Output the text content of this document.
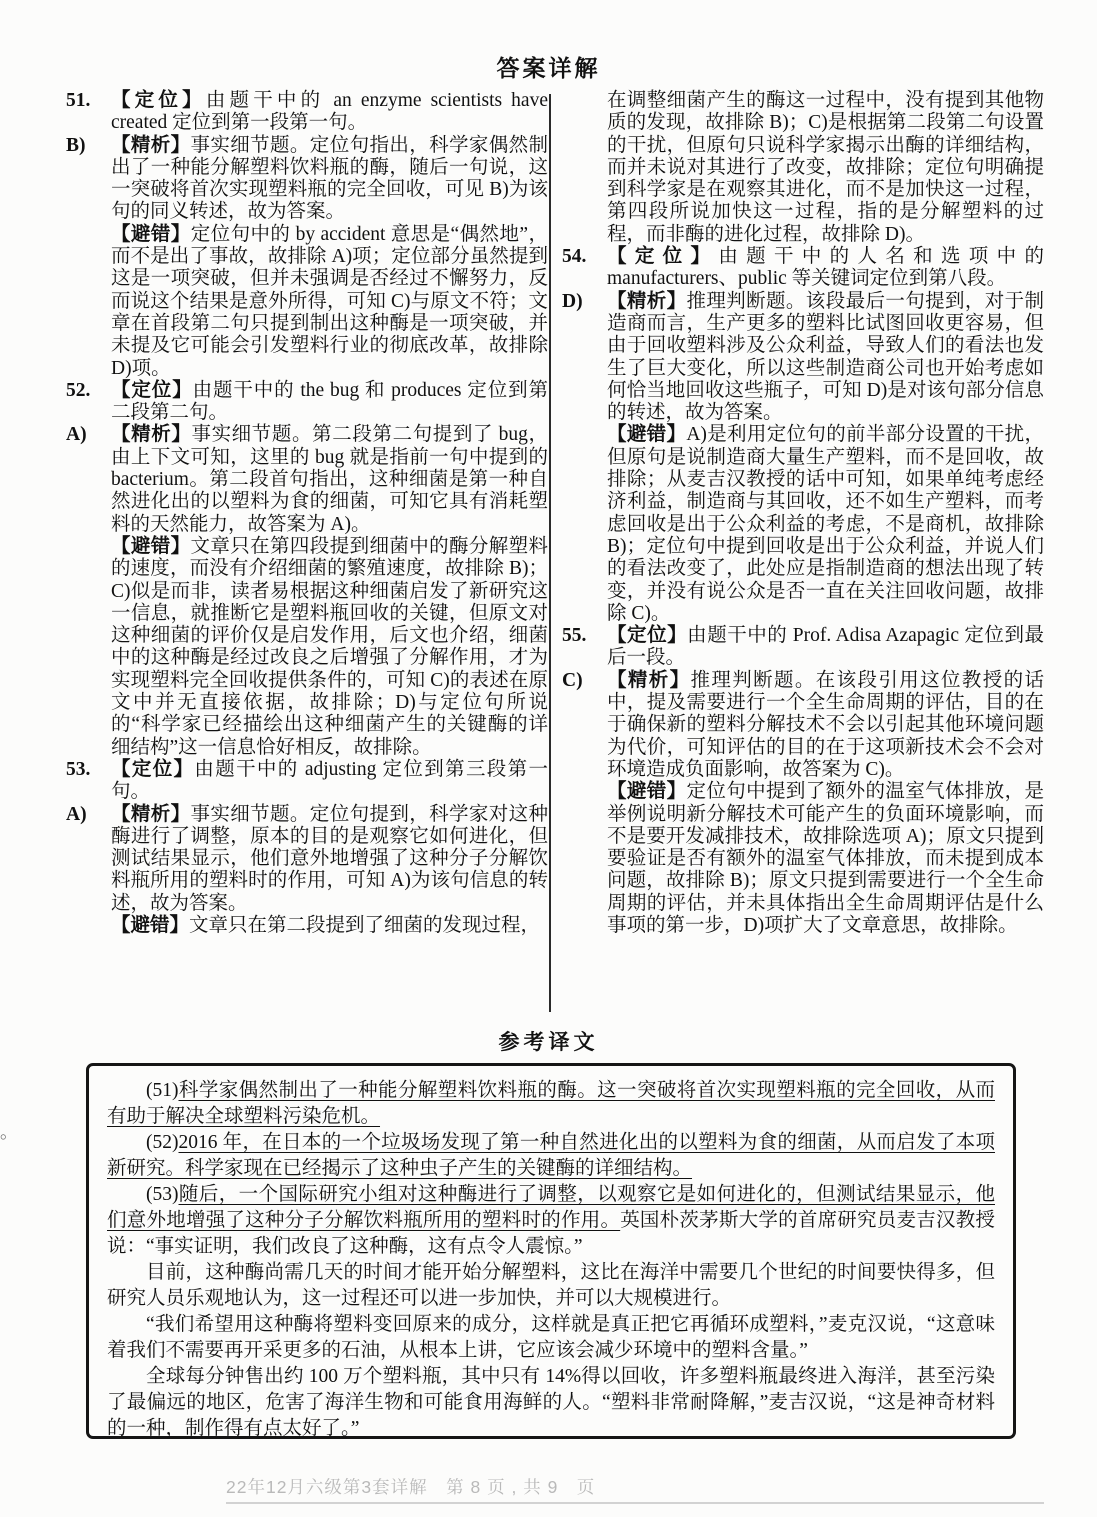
答案详解
51.	【定位】由题干中的 an enzyme scientists have created 定位到第一段第一句。
B)	【精析】事实细节题。定位句指出，科学家偶然制出了一种能分解塑料饮料瓶的酶，随后一句说，这一突破将首次实现塑料瓶的完全回收，可见 B)为该句的同义转述，故为答案。
【避错】定位句中的 by accident 意思是“偶然地”，而不是出了事故，故排除 A)项；定位部分虽然提到这是一项突破，但并未强调是否经过不懈努力，反而说这个结果是意外所得，可知 C)与原文不符；文章在首段第二句只提到制出这种酶是一项突破，并未提及它可能会引发塑料行业的彻底改革，故排除 D)项。
52.	【定位】由题干中的 the bug 和 produces 定位到第二段第二句。
A)	【精析】事实细节题。第二段第二句提到了 bug，由上下文可知，这里的 bug 就是指前一句中提到的 bacterium。第二段首句指出，这种细菌是第一种自然进化出的以塑料为食的细菌，可知它具有消耗塑料的天然能力，故答案为 A)。
【避错】文章只在第四段提到细菌中的酶分解塑料的速度，而没有介绍细菌的繁殖速度，故排除 B)；C)似是而非，读者易根据这种细菌启发了新研究这一信息，就推断它是塑料瓶回收的关键，但原文对这种细菌的评价仅是启发作用，后文也介绍，细菌中的这种酶是经过改良之后增强了分解作用，才为实现塑料完全回收提供条件的，可知 C)的表述在原文中并无直接依据，故排除；D)与定位句所说的“科学家已经描绘出这种细菌产生的关键酶的详细结构”这一信息恰好相反，故排除。
53.	【定位】由题干中的 adjusting 定位到第三段第一句。
A)	【精析】事实细节题。定位句提到，科学家对这种酶进行了调整，原本的目的是观察它如何进化，但测试结果显示，他们意外地增强了这种分子分解饮料瓶所用的塑料时的作用，可知 A)为该句信息的转述，故为答案。
【避错】文章只在第二段提到了细菌的发现过程，
在调整细菌产生的酶这一过程中，没有提到其他物质的发现，故排除 B)；C)是根据第二段第二句设置的干扰，但原句只说科学家揭示出酶的详细结构，而并未说对其进行了改变，故排除；定位句明确提到科学家是在观察其进化，而不是加快这一过程，第四段所说加快这一过程，指的是分解塑料的过程，而非酶的进化过程，故排除 D)。
54.	【定位】由题干中的人名和选项中的 manufacturers、public 等关键词定位到第八段。
D)	【精析】推理判断题。该段最后一句提到，对于制造商而言，生产更多的塑料比试图回收更容易，但由于回收塑料涉及公众利益，导致人们的看法也发生了巨大变化，所以这些制造商公司也开始考虑如何恰当地回收这些瓶子，可知 D)是对该句部分信息的转述，故为答案。
【避错】A)是利用定位句的前半部分设置的干扰，但原句是说制造商大量生产塑料，而不是回收，故排除；从麦吉汉教授的话中可知，如果单纯考虑经济利益，制造商与其回收，还不如生产塑料，而考虑回收是出于公众利益的考虑，不是商机，故排除 B)；定位句中提到回收是出于公众利益，并说人们的看法改变了，此处应是指制造商的想法出现了转变，并没有说公众是否一直在关注回收问题，故排除 C)。
55.	【定位】由题干中的 Prof. Adisa Azapagic 定位到最后一段。
C)	【精析】推理判断题。在该段引用这位教授的话中，提及需要进行一个全生命周期的评估，目的在于确保新的塑料分解技术不会以引起其他环境问题为代价，可知评估的目的在于这项新技术会不会对环境造成负面影响，故答案为 C)。
【避错】定位句中提到了额外的温室气体排放，是举例说明新分解技术可能产生的负面环境影响，而不是要开发减排技术，故排除选项 A)；原文只提到要验证是否有额外的温室气体排放，而未提到成本问题，故排除 B)；原文只提到需要进行一个全生命周期的评估，并未具体指出全生命周期评估是什么事项的第一步，D)项扩大了文章意思，故排除。
参考译文

(51)科学家偶然制出了一种能分解塑料饮料瓶的酶。这一突破将首次实现塑料瓶的完全回收，从而有助于解决全球塑料污染危机。

(52)2016 年，在日本的一个垃圾场发现了第一种自然进化出的以塑料为食的细菌，从而启发了本项新研究。科学家现在已经揭示了这种虫子产生的关键酶的详细结构。

(53)随后，一个国际研究小组对这种酶进行了调整，以观察它是如何进化的，但测试结果显示，他们意外地增强了这种分子分解饮料瓶所用的塑料时的作用。英国朴茨茅斯大学的首席研究员麦吉汉教授说：“事实证明，我们改良了这种酶，这有点令人震惊。”

目前，这种酶尚需几天的时间才能开始分解塑料，这比在海洋中需要几个世纪的时间要快得多，但研究人员乐观地认为，这一过程还可以进一步加快，并可以大规模进行。

“我们希望用这种酶将塑料变回原来的成分，这样就是真正把它再循环成塑料，”麦克汉说，“这意味着我们不需要再开采更多的石油，从根本上讲，它应该会减少环境中的塑料含量。”

全球每分钟售出约 100 万个塑料瓶，其中只有 14%得以回收，许多塑料瓶最终进入海洋，甚至污染了最偏远的地区，危害了海洋生物和可能食用海鲜的人。“塑料非常耐降解，”麦吉汉说，“这是神奇材料的一种，制作得有点太好了。”

。
22年12月六级第3套详解　第 8 页 , 共 9　页
